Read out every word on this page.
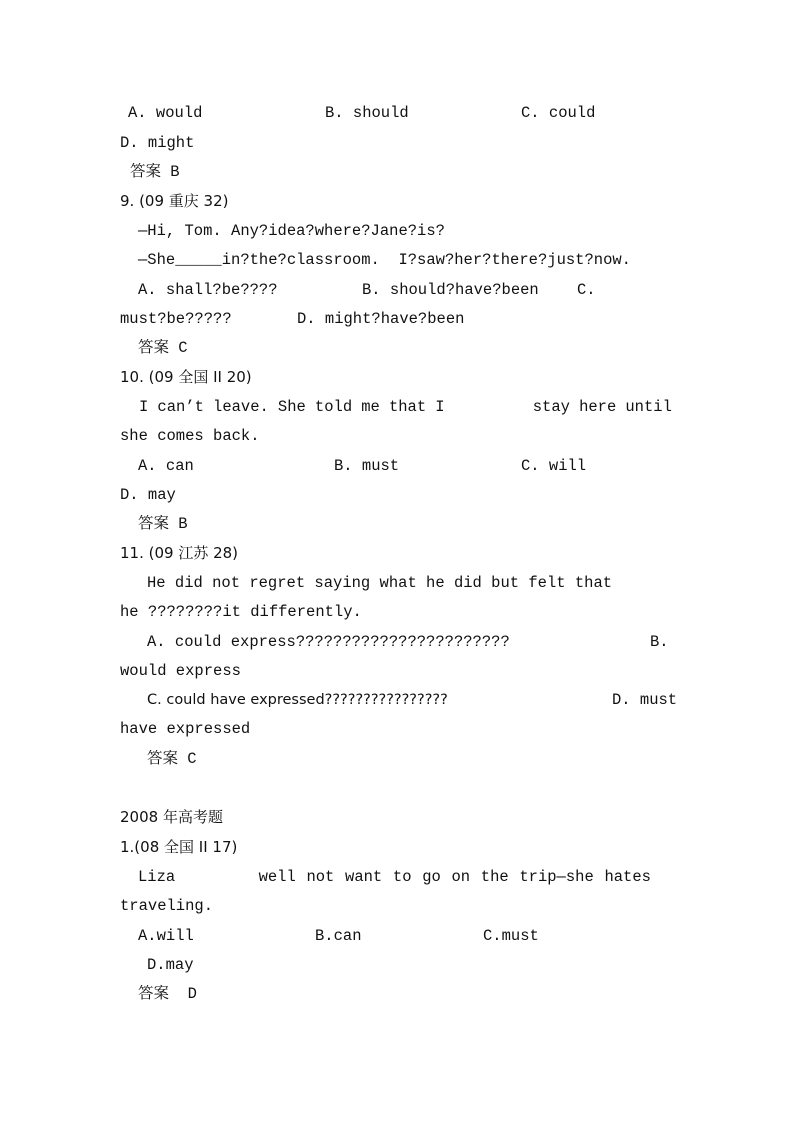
A. would	B. should	C. could
D. might
答案 B
9. (09 重庆 32)
—Hi, Tom. Any?idea?where?Jane?is?
—She_____in?the?classroom.  I?saw?her?there?just?now.
A. shall?be????	B. should?have?been C.
must?be?????	D. might?have?been
答案 C
10. (09 全国 II 20)
I can’t leave. She told me that I	stay here until
she comes back.
A. can	B. must	C. will
D. may
答案 B
11. (09 江苏 28)
He did not regret saying what he did but felt that
he ????????it differently.
A. could express???????????????????????	B.
would express
C. could have expressed????????????????	D. must
have expressed
答案 C
2008 年高考题
1.(08 全国 II 17)
Liza	well not want to go on the trip—she hates
traveling.
A.will	B.can	C.must
D.may
答案  D
